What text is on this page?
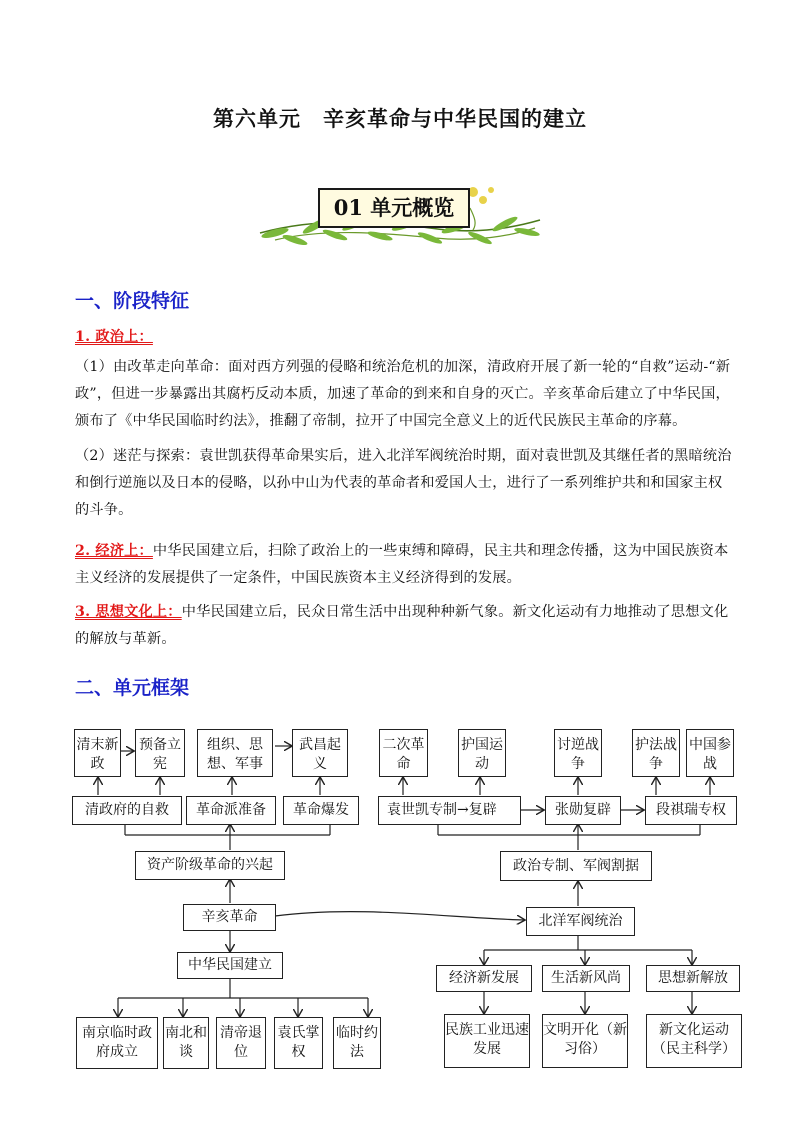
第六单元　辛亥革命与中华民国的建立
01 单元概览
一、阶段特征
1. 政治上：
（1）由改革走向革命：面对西方列强的侵略和统治危机的加深，清政府开展了新一轮的“自救”运动-“新政”，但进一步暴露出其腐朽反动本质，加速了革命的到来和自身的灭亡。辛亥革命后建立了中华民国，颁布了《中华民国临时约法》，推翻了帝制，拉开了中国完全意义上的近代民族民主革命的序幕。
（2）迷茫与探索：袁世凯获得革命果实后，进入北洋军阀统治时期，面对袁世凯及其继任者的黑暗统治和倒行逆施以及日本的侵略，以孙中山为代表的革命者和爱国人士，进行了一系列维护共和和国家主权的斗争。
2. 经济上：中华民国建立后，扫除了政治上的一些束缚和障碍，民主共和理念传播，这为中国民族资本主义经济的发展提供了一定条件，中国民族资本主义经济得到的发展。
3. 思想文化上：中华民国建立后，民众日常生活中出现种种新气象。新文化运动有力地推动了思想文化的解放与革新。
二、单元框架
清末新政
预备立宪
组织、思想、军事
武昌起义
清政府的自救	革命派准备	革命爆发
资产阶级革命的兴起
辛亥革命
中华民国建立
南京临时政府成立
南北和谈
清帝退位
袁氏掌权
临时约法
二次革命
护国运动
讨逆战争
护法战争
中国参战
袁世凯专制 → 复辟	张勋复辟	段祺瑞专权
政治专制、军阀割据
北洋军阀统治
经济新发展	生活新风尚	思想新解放
民族工业迅速发展
文明开化（新习俗）
新文化运动（民主科学）
